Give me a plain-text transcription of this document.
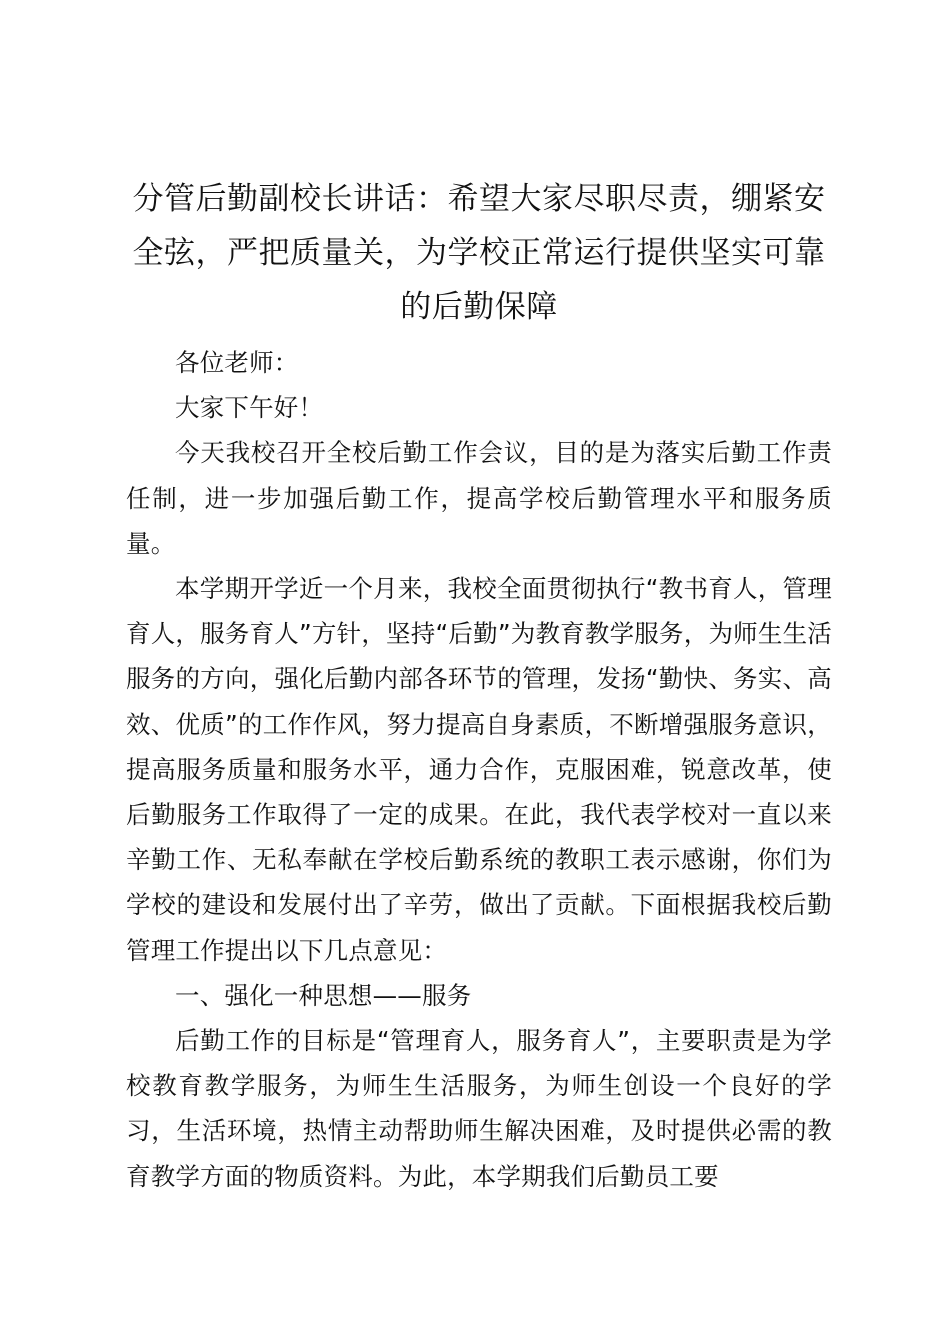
分管后勤副校长讲话：希望大家尽职尽责，绷紧安全弦，严把质量关，为学校正常运行提供坚实可靠的后勤保障

各位老师：

大家下午好！

今天我校召开全校后勤工作会议，目的是为落实后勤工作责任制，进一步加强后勤工作，提高学校后勤管理水平和服务质量。

本学期开学近一个月来，我校全面贯彻执行“教书育人，管理育人，服务育人”方针，坚持“后勤”为教育教学服务，为师生生活服务的方向，强化后勤内部各环节的管理，发扬“勤快、务实、高效、优质”的工作作风，努力提高自身素质，不断增强服务意识，提高服务质量和服务水平，通力合作，克服困难，锐意改革，使后勤服务工作取得了一定的成果。在此，我代表学校对一直以来辛勤工作、无私奉献在学校后勤系统的教职工表示感谢，你们为学校的建设和发展付出了辛劳，做出了贡献。下面根据我校后勤管理工作提出以下几点意见：

一、强化一种思想——服务

后勤工作的目标是“管理育人，服务育人”，主要职责是为学校教育教学服务，为师生生活服务，为师生创设一个良好的学习，生活环境，热情主动帮助师生解决困难，及时提供必需的教育教学方面的物质资料。为此，本学期我们后勤员工要
